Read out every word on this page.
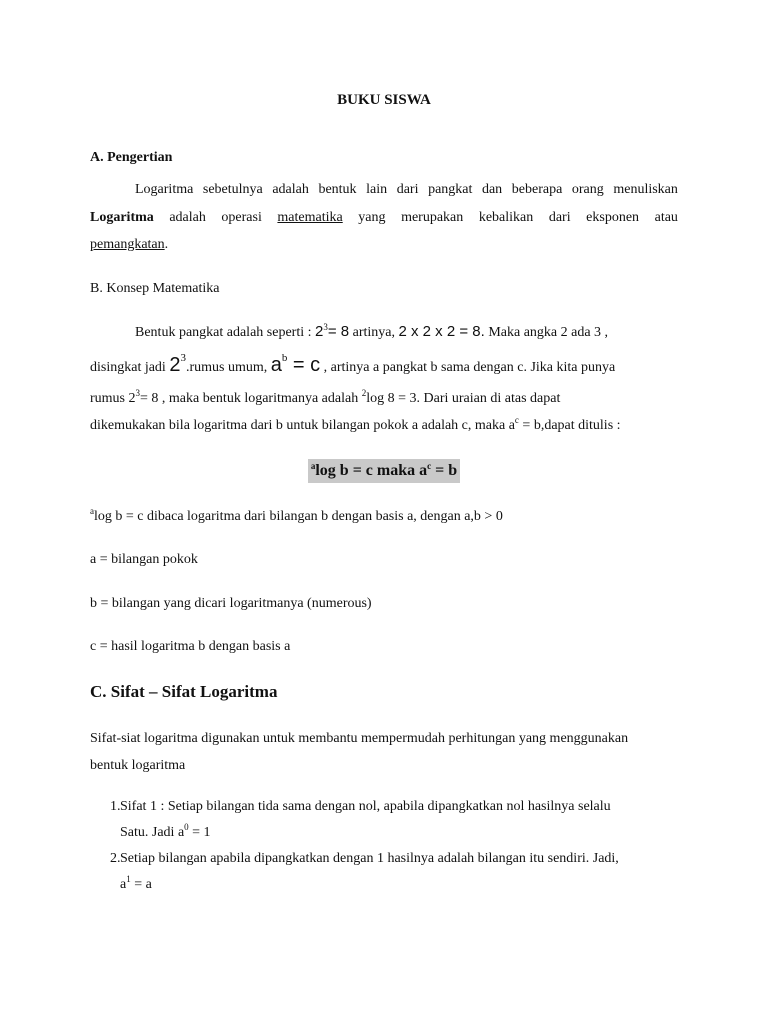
BUKU SISWA
A. Pengertian
Logaritma sebetulnya adalah bentuk lain dari pangkat dan beberapa orang menuliskan
Logaritma adalah operasi matematika yang merupakan kebalikan dari eksponen atau
pemangkatan.
B. Konsep Matematika
Bentuk pangkat adalah seperti : $2^3= 8$ artinya, 2 x 2 x 2 = 8. Maka angka 2 ada 3 ,
disingkat jadi $2^3.rumus$ umum, $a^b = c$ , artinya a pangkat b sama dengan c. Jika kita punya
rumus $2^3= 8$ , maka bentuk logaritmanya adalah $^2$log 8 = 3. Dari uraian di atas dapat
dikemukakan bila logaritma dari b untuk bilangan pokok a adalah c, maka $a^c$ = b,dapat ditulis :
$^a$log b = c maka $a^c = b$
$^a$log b = c dibaca logaritma dari bilangan b dengan basis a, dengan a,b > 0
a = bilangan pokok
b = bilangan yang dicari logaritmanya (numerous)
c = hasil logaritma b dengan basis a
C. Sifat – Sifat Logaritma
Sifat-siat logaritma digunakan untuk membantu mempermudah perhitungan yang menggunakan
bentuk logaritma
1. Sifat 1 : Setiap bilangan tida sama dengan nol, apabila dipangkatkan nol hasilnya selalu
Satu. Jadi $a^0 = 1$
2. Setiap bilangan apabila dipangkatkan dengan 1 hasilnya adalah bilangan itu sendiri. Jadi,
$a^1 = a$
